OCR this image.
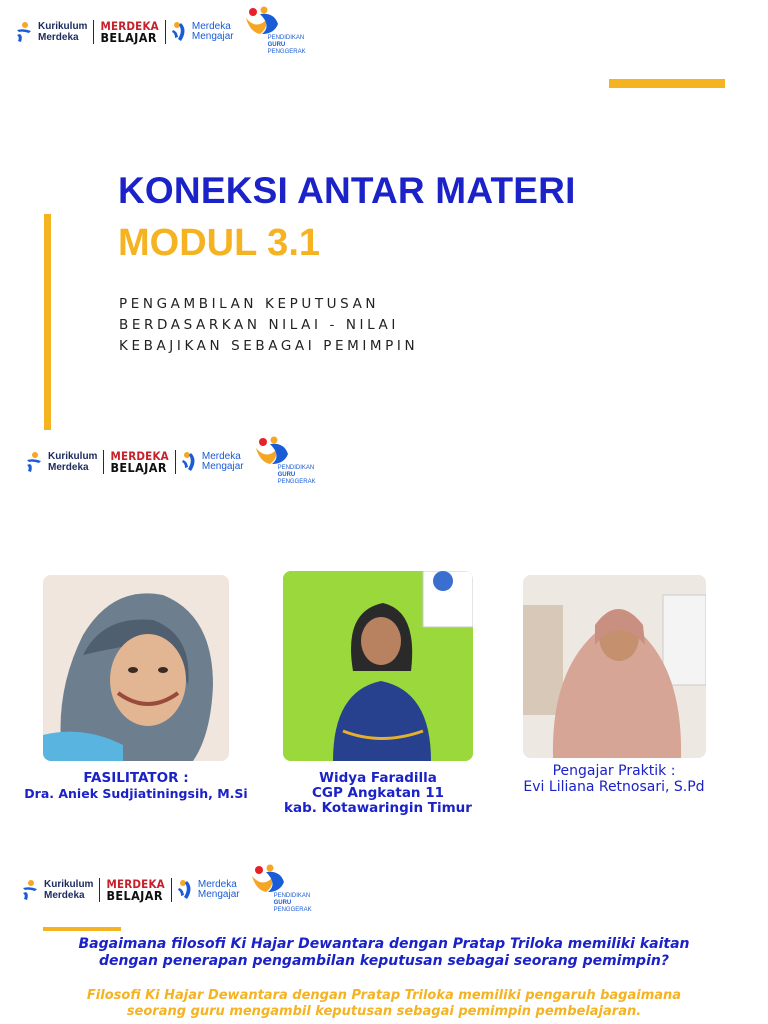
Kurikulum
Merdeka
MERDEKA
BELAJAR
Merdeka
Mengajar	PENDIDIKAN
GURU
PENGGERAK
KONEKSI ANTAR MATERI
MODUL 3.1
PENGAMBILAN KEPUTUSAN
BERDASARKAN NILAI - NILAI
KEBAJIKAN SEBAGAI PEMIMPIN
Kurikulum
Merdeka
MERDEKA
BELAJAR
Merdeka
Mengajar	PENDIDIKAN
GURU
PENGGERAK
FASILITATOR :
Dra. Aniek Sudjiatiningsih, M.Si
Widya Faradilla
CGP Angkatan 11
kab. Kotawaringin Timur
Pengajar Praktik :
Evi Liliana Retnosari, S.Pd
Kurikulum
Merdeka
MERDEKA
BELAJAR
Merdeka
Mengajar	PENDIDIKAN
GURU
PENGGERAK
Bagaimana filosofi Ki Hajar Dewantara dengan Pratap Triloka memiliki kaitan
dengan penerapan pengambilan keputusan sebagai seorang pemimpin?
Filosofi Ki Hajar Dewantara dengan Pratap Triloka memiliki pengaruh bagaimana
seorang guru mengambil keputusan sebagai pemimpin pembelajaran.
